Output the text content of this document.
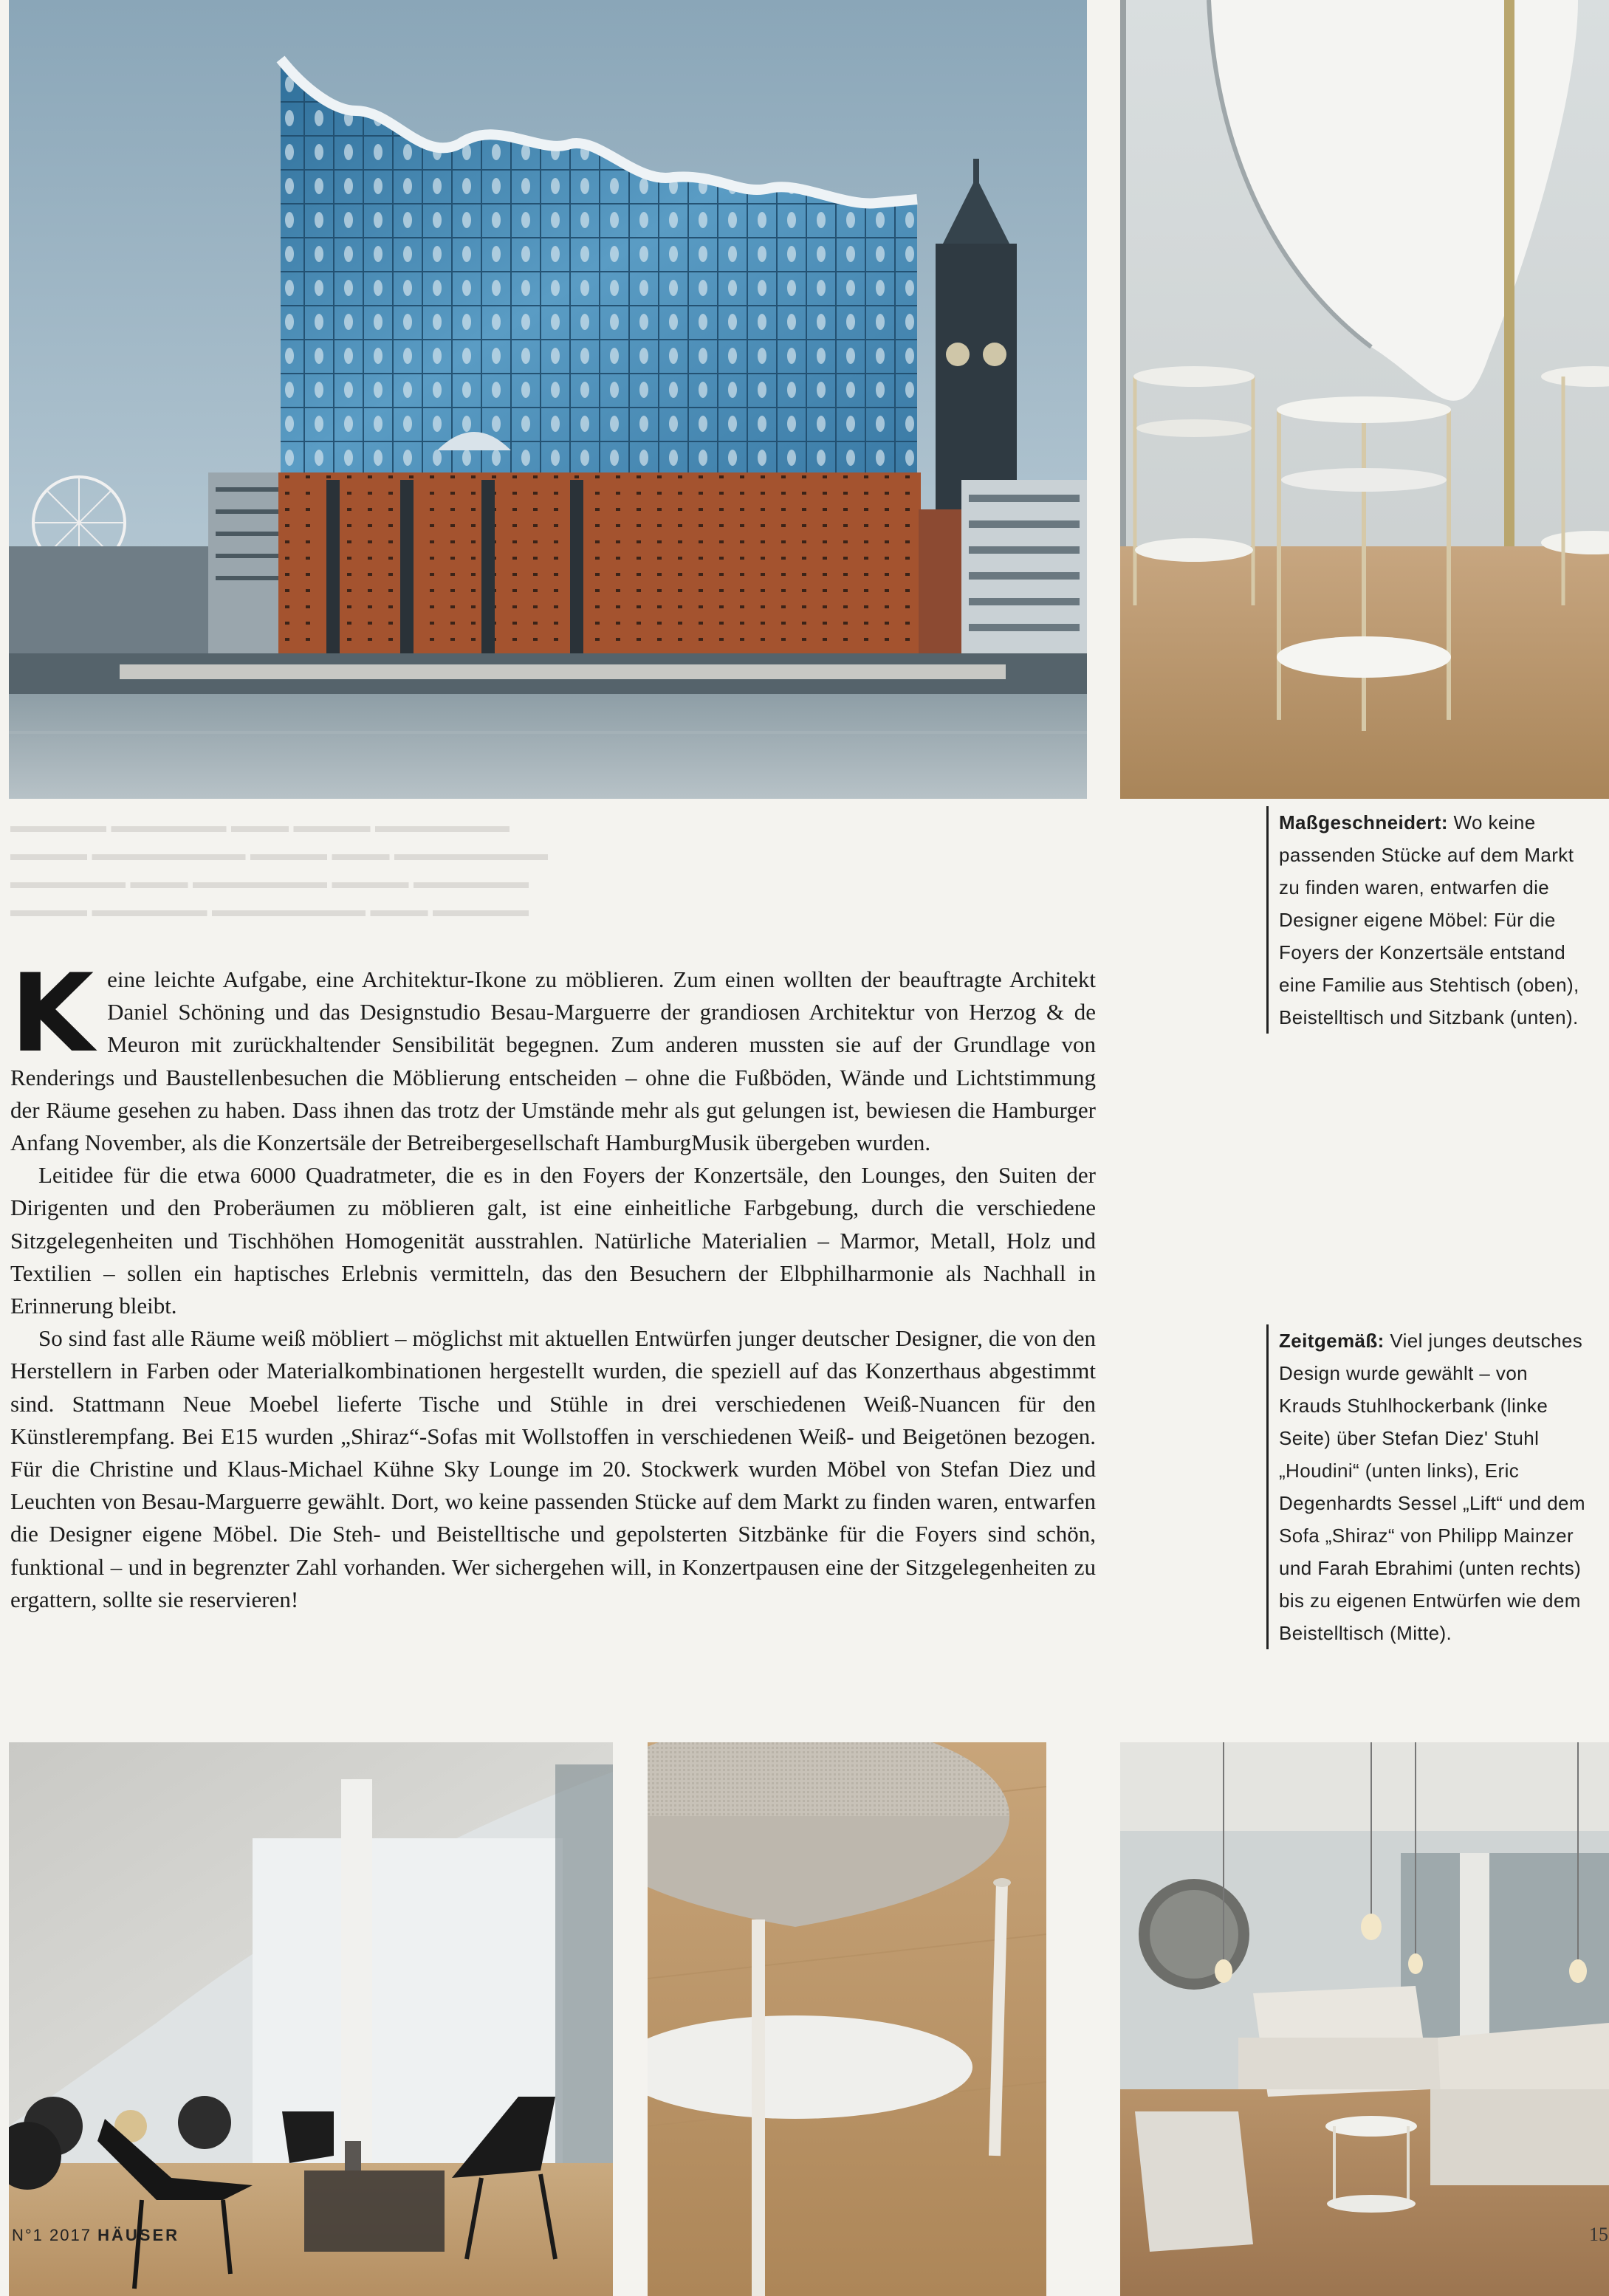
▬▬▬▬▬ ▬▬▬▬▬▬ ▬▬▬ ▬▬▬▬ ▬▬▬▬▬▬▬
▬▬▬▬ ▬▬▬▬▬▬▬▬ ▬▬▬▬ ▬▬▬ ▬▬▬▬▬▬▬▬
▬▬▬▬▬▬ ▬▬▬ ▬▬▬▬▬▬▬ ▬▬▬▬ ▬▬▬▬▬▬
▬▬▬▬ ▬▬▬▬▬▬ ▬▬▬▬▬▬▬▬ ▬▬▬ ▬▬▬▬▬

Keine leichte Aufgabe, eine Architektur-Ikone zu möblieren. Zum einen wollten der beauftragte Architekt Daniel Schöning und das Designstudio Besau-Marguerre der grandiosen Architektur von Herzog & de Meuron mit zurückhaltender Sensibilität begegnen. Zum anderen mussten sie auf der Grundlage von Renderings und Baustellenbesuchen die Möblierung entscheiden – ohne die Fußböden, Wände und Lichtstimmung der Räume gesehen zu haben. Dass ihnen das trotz der Umstände mehr als gut gelungen ist, bewiesen die Hamburger Anfang November, als die Konzertsäle der Betreibergesellschaft HamburgMusik übergeben wurden.

Leitidee für die etwa 6000 Quadratmeter, die es in den Foyers der Konzertsäle, den Lounges, den Suiten der Dirigenten und den Proberäumen zu möblieren galt, ist eine einheitliche Farbgebung, durch die verschiedene Sitzgelegenheiten und Tischhöhen Homogenität ausstrahlen. Natürliche Materialien – Marmor, Metall, Holz und Textilien – sollen ein haptisches Erlebnis vermitteln, das den Besuchern der Elbphilharmonie als Nachhall in Erinnerung bleibt.

So sind fast alle Räume weiß möbliert – möglichst mit aktuellen Entwürfen junger deutscher Designer, die von den Herstellern in Farben oder Materialkombinationen hergestellt wurden, die speziell auf das Konzerthaus abgestimmt sind. Stattmann Neue Moebel lieferte Tische und Stühle in drei verschiedenen Weiß-Nuancen für den Künstlerempfang. Bei E15 wurden „Shiraz“-Sofas mit Wollstoffen in verschiedenen Weiß- und Beigetönen bezogen. Für die Christine und Klaus-Michael Kühne Sky Lounge im 20. Stockwerk wurden Möbel von Stefan Diez und Leuchten von Besau-Marguerre gewählt. Dort, wo keine passenden Stücke auf dem Markt zu finden waren, entwarfen die Designer eigene Möbel. Die Steh- und Beistelltische und gepolsterten Sitzbänke für die Foyers sind schön, funktional – und in begrenzter Zahl vorhanden. Wer sichergehen will, in Konzertpausen eine der Sitzgelegenheiten zu ergattern, sollte sie reservieren!

Maßgeschneidert: Wo keine passenden Stücke auf dem Markt zu finden waren, entwarfen die Designer eigene Möbel: Für die Foyers der Konzertsäle entstand eine Familie aus Stehtisch (oben), Beistelltisch und Sitzbank (unten).
Zeitgemäß: Viel junges deutsches Design wurde gewählt – von Krauds Stuhlhockerbank (linke Seite) über Stefan Diez' Stuhl „Houdini“ (unten links), Eric Degenhardts Sessel „Lift“ und dem Sofa „Shiraz“ von Philipp Mainzer und Farah Ebrahimi (unten rechts) bis zu eigenen Entwürfen wie dem Beistelltisch (Mitte).
N°1 2017 HÄUSER	15
